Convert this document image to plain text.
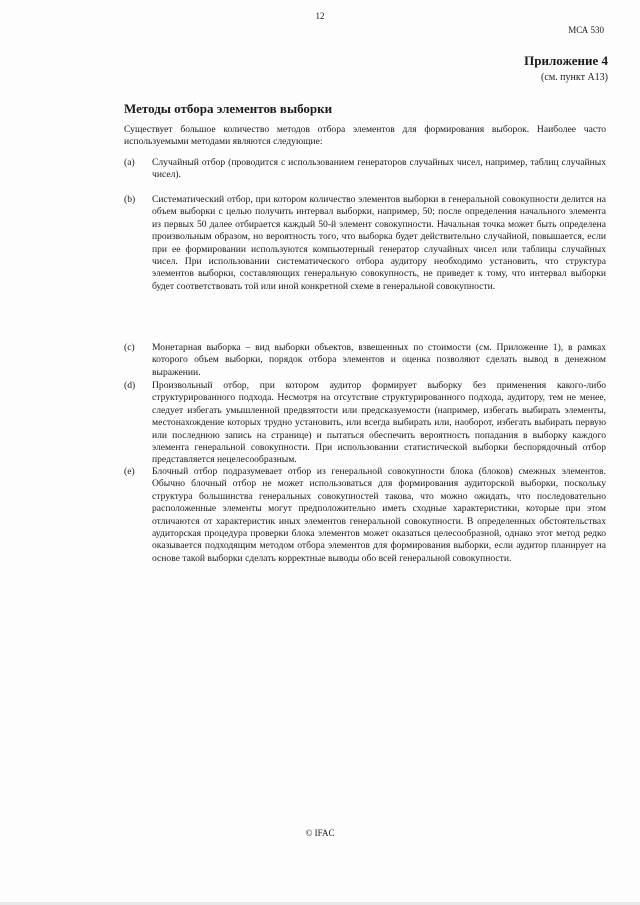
12
МСА 530
Приложение 4
(см. пункт А13)
Методы отбора элементов выборки

Существует большое количество методов отбора элементов для формирования выборок. Наиболее часто используемыми методами являются следующие:

(a) Случайный отбор (проводится с использованием генераторов случайных чисел, например, таблиц случайных чисел).

(b) Систематический отбор, при котором количество элементов выборки в генеральной совокупности делится на объем выборки с целью получить интервал выборки, например, 50; после определения начального элемента из первых 50 далее отбирается каждый 50-й элемент совокупности. Начальная точка может быть определена произвольным образом, но вероятность того, что выборка будет действительно случайной, повышается, если при ее формировании используются компьютерный генератор случайных чисел или таблицы случайных чисел. При использовании систематического отбора аудитору необходимо установить, что структура элементов выборки, составляющих генеральную совокупность, не приведет к тому, что интервал выборки будет соответствовать той или иной конкретной схеме в генеральной совокупности.

(c) Монетарная выборка – вид выборки объектов, взвешенных по стоимости (см. Приложение 1), в рамках которого объем выборки, порядок отбора элементов и оценка позволяют сделать вывод в денежном выражении.

(d) Произвольный отбор, при котором аудитор формирует выборку без применения какого-либо структурированного подхода. Несмотря на отсутствие структурированного подхода, аудитору, тем не менее, следует избегать умышленной предвзятости или предсказуемости (например, избегать выбирать элементы, местонахождение которых трудно установить, или всегда выбирать или, наоборот, избегать выбирать первую или последнюю запись на странице) и пытаться обеспечить вероятность попадания в выборку каждого элемента генеральной совокупности. При использовании статистической выборки беспорядочный отбор представляется нецелесообразным.

(e) Блочный отбор подразумевает отбор из генеральной совокупности блока (блоков) смежных элементов. Обычно блочный отбор не может использоваться для формирования аудиторской выборки, поскольку структура большинства генеральных совокупностей такова, что можно ожидать, что последовательно расположенные элементы могут предположительно иметь сходные характеристики, которые при этом отличаются от характеристик иных элементов генеральной совокупности. В определенных обстоятельствах аудиторская процедура проверки блока элементов может оказаться целесообразной, однако этот метод редко оказывается подходящим методом отбора элементов для формирования выборки, если аудитор планирует на основе такой выборки сделать корректные выводы обо всей генеральной совокупности.

© IFAC
